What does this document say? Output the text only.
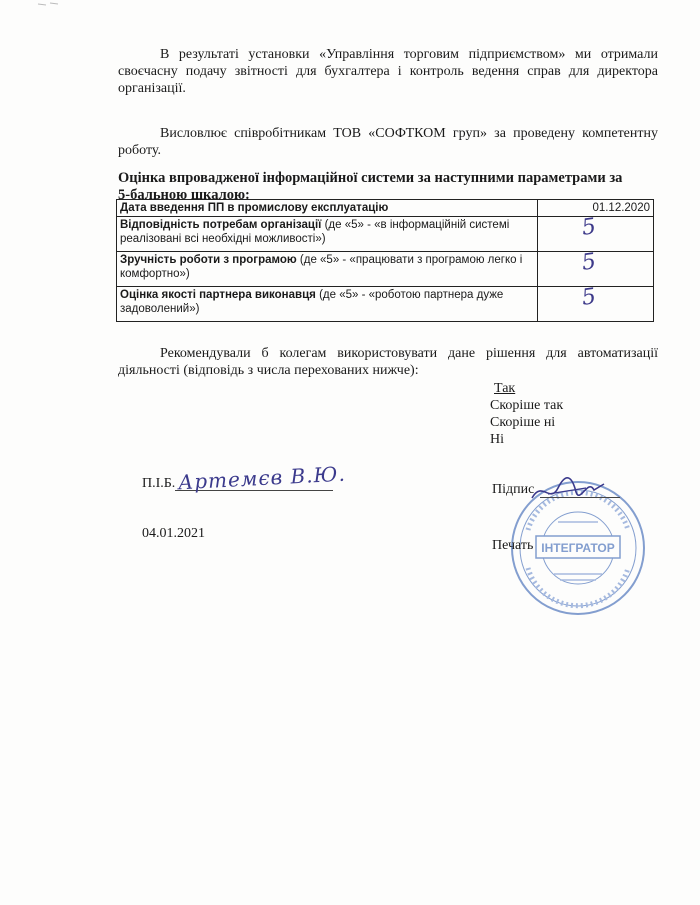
В результаті установки «Управління торговим підприємством» ми отримали своєчасну подачу звітності для бухгалтера і контроль ведення справ для директора організації.

Висловлює співробітникам ТОВ «СОФТКОМ груп» за проведену компетентну роботу.

Оцінка впровадженої інформаційної системи за наступними параметрами за 5-бальною шкалою:

Дата введення ПП в промислову експлуатацію	01.12.2020
Відповідність потребам організації (де «5» - «в інформаційній системі реалізовані всі необхідні можливості»)	5

Зручність роботи з програмою (де «5» - «працювати з програмою легко і комфортно»)	5

Оцінка якості партнера виконавця (де «5» - «роботою партнера дуже задоволений»)	5

Рекомендували б колегам використовувати дане рішення для автоматизації діяльності (відповідь з числа перехованих нижче):

Так
Скоріше так
Скоріше ні
Ні
П.І.Б. Артемєв В.Ю.
04.01.2021
ІНТЕГРАТОР
Підпис
Печать
